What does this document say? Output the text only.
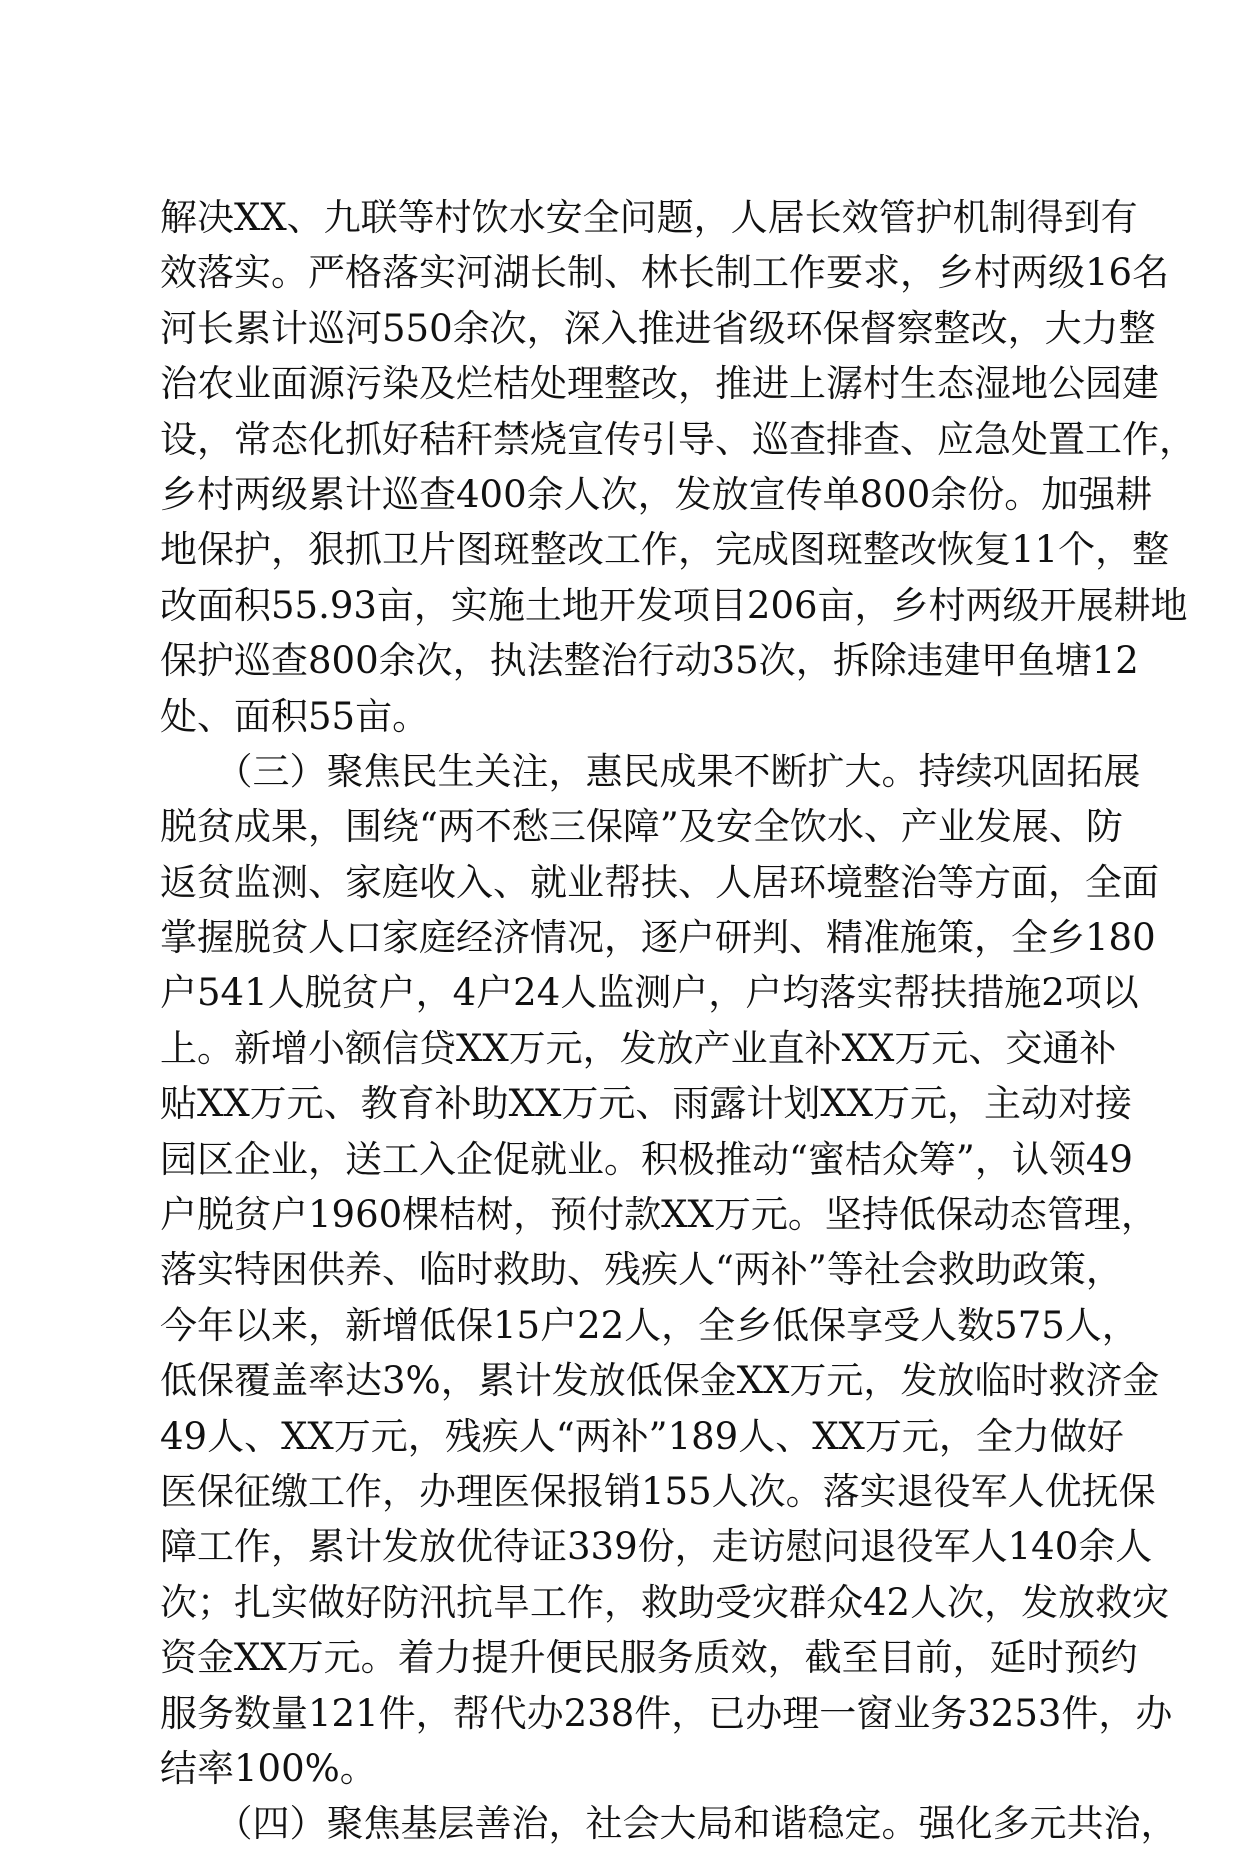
解决XX、九联等村饮水安全问题，人居长效管护机制得到有
效落实。严格落实河湖长制、林长制工作要求，乡村两级16名
河长累计巡河550余次，深入推进省级环保督察整改，大力整
治农业面源污染及烂桔处理整改，推进上潺村生态湿地公园建
设，常态化抓好秸秆禁烧宣传引导、巡查排查、应急处置工作，
乡村两级累计巡查400余人次，发放宣传单800余份。加强耕
地保护，狠抓卫片图斑整改工作，完成图斑整改恢复11个，整
改面积55.93亩，实施土地开发项目206亩，乡村两级开展耕地
保护巡查800余次，执法整治行动35次，拆除违建甲鱼塘12
处、面积55亩。
　　（三）聚焦民生关注，惠民成果不断扩大。持续巩固拓展
脱贫成果，围绕“两不愁三保障”及安全饮水、产业发展、防
返贫监测、家庭收入、就业帮扶、人居环境整治等方面，全面
掌握脱贫人口家庭经济情况，逐户研判、精准施策，全乡180
户541人脱贫户，4户24人监测户，户均落实帮扶措施2项以
上。新增小额信贷XX万元，发放产业直补XX万元、交通补
贴XX万元、教育补助XX万元、雨露计划XX万元，主动对接
园区企业，送工入企促就业。积极推动“蜜桔众筹”，认领49
户脱贫户1960棵桔树，预付款XX万元。坚持低保动态管理，
落实特困供养、临时救助、残疾人“两补”等社会救助政策，
今年以来，新增低保15户22人，全乡低保享受人数575人，
低保覆盖率达3%，累计发放低保金XX万元，发放临时救济金
49人、XX万元，残疾人“两补”189人、XX万元，全力做好
医保征缴工作，办理医保报销155人次。落实退役军人优抚保
障工作，累计发放优待证339份，走访慰问退役军人140余人
次；扎实做好防汛抗旱工作，救助受灾群众42人次，发放救灾
资金XX万元。着力提升便民服务质效，截至目前，延时预约
服务数量121件，帮代办238件，已办理一窗业务3253件，办
结率100%。
　　（四）聚焦基层善治，社会大局和谐稳定。强化多元共治，
